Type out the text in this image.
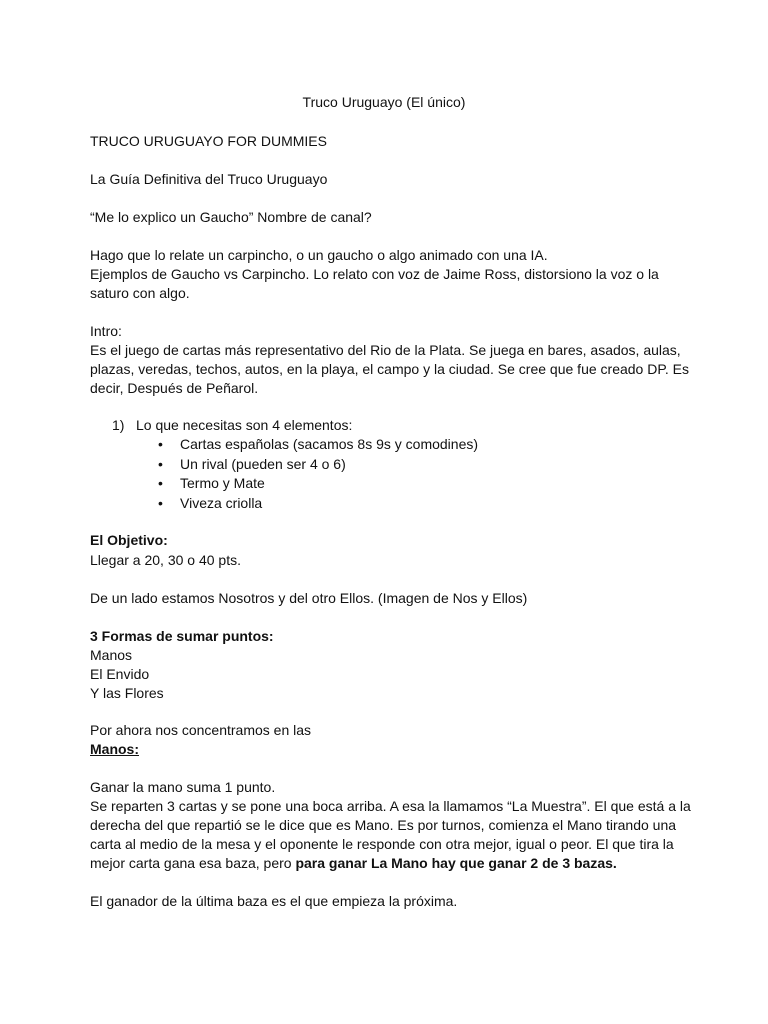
Truco Uruguayo (El único)
TRUCO URUGUAYO FOR DUMMIES
La Guía Definitiva del Truco Uruguayo
“Me lo explico un Gaucho” Nombre de canal?
Hago que lo relate un carpincho, o un gaucho o algo animado con una IA.
Ejemplos de Gaucho vs Carpincho. Lo relato con voz de Jaime Ross, distorsiono la voz o la
saturo con algo.
Intro:
Es el juego de cartas más representativo del Rio de la Plata. Se juega en bares, asados, aulas,
plazas, veredas, techos, autos, en la playa, el campo y la ciudad. Se cree que fue creado DP. Es
decir, Después de Peñarol.
1) Lo que necesitas son 4 elementos:
• Cartas españolas (sacamos 8s 9s y comodines)
• Un rival (pueden ser 4 o 6)
• Termo y Mate
• Viveza criolla
El Objetivo:
Llegar a 20, 30 o 40 pts.
De un lado estamos Nosotros y del otro Ellos. (Imagen de Nos y Ellos)
3 Formas de sumar puntos:
Manos
El Envido
Y las Flores
Por ahora nos concentramos en las
Manos:
Ganar la mano suma 1 punto.
Se reparten 3 cartas y se pone una boca arriba. A esa la llamamos “La Muestra”. El que está a la
derecha del que repartió se le dice que es Mano. Es por turnos, comienza el Mano tirando una
carta al medio de la mesa y el oponente le responde con otra mejor, igual o peor. El que tira la
mejor carta gana esa baza, pero para ganar La Mano hay que ganar 2 de 3 bazas.
El ganador de la última baza es el que empieza la próxima.
